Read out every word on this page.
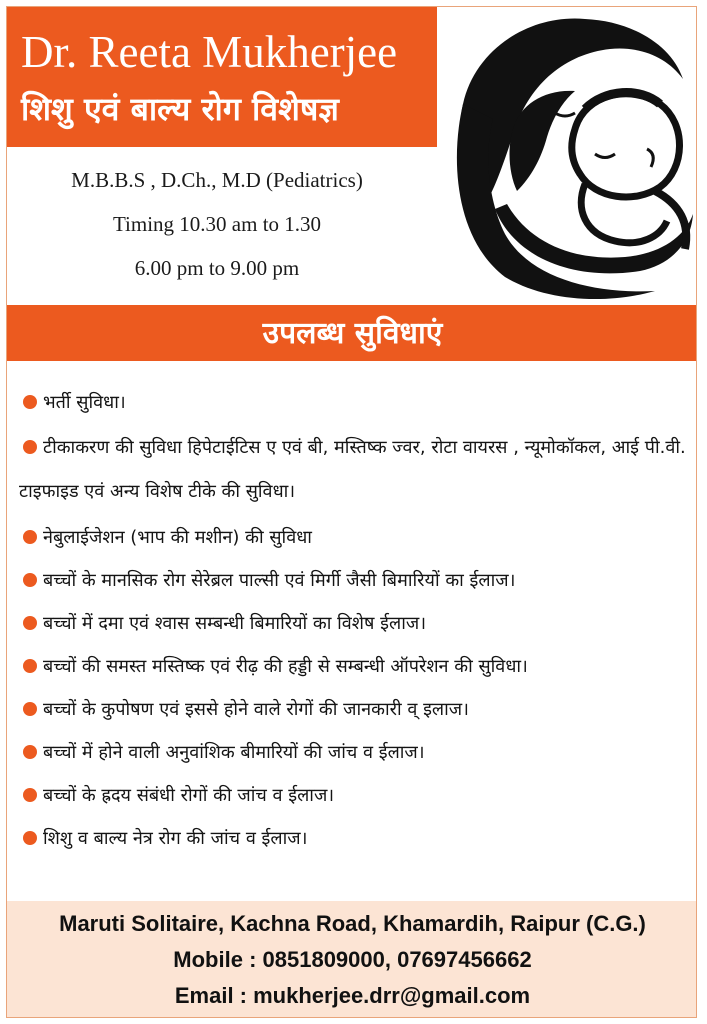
Dr. Reeta Mukherjee
शिशु एवं बाल्य रोग विशेषज्ञ
M.B.B.S , D.Ch., M.D (Pediatrics)
Timing 10.30 am to 1.30
6.00 pm to 9.00 pm
उपलब्ध सुविधाएं
भर्ती सुविधा।
टीकाकरण की सुविधा हिपेटाईटिस ए एवं बी, मस्तिष्क ज्वर, रोटा वायरस , न्यूमोकॉकल, आई पी.वी. टाइफाइड एवं अन्य विशेष टीके की सुविधा।
नेबुलाईजेशन (भाप की मशीन) की सुविधा
बच्चों के मानसिक रोग सेरेब्रल पाल्सी एवं मिर्गी जैसी बिमारियों का ईलाज।
बच्चों में दमा एवं श्वास सम्बन्धी बिमारियों का विशेष ईलाज।
बच्चों की समस्त मस्तिष्क एवं रीढ़ की हड्डी से सम्बन्धी ऑपरेशन की सुविधा।
बच्चों के कुपोषण एवं इससे होने वाले रोगों की जानकारी व् इलाज।
बच्चों में होने वाली अनुवांशिक बीमारियों की जांच व ईलाज।
बच्चों के ह्रदय संबंधी रोगों की जांच व ईलाज।
शिशु व बाल्य नेत्र रोग की जांच व ईलाज।
Maruti Solitaire, Kachna Road, Khamardih, Raipur (C.G.)
Mobile : 0851809000, 07697456662
Email : mukherjee.drr@gmail.com
